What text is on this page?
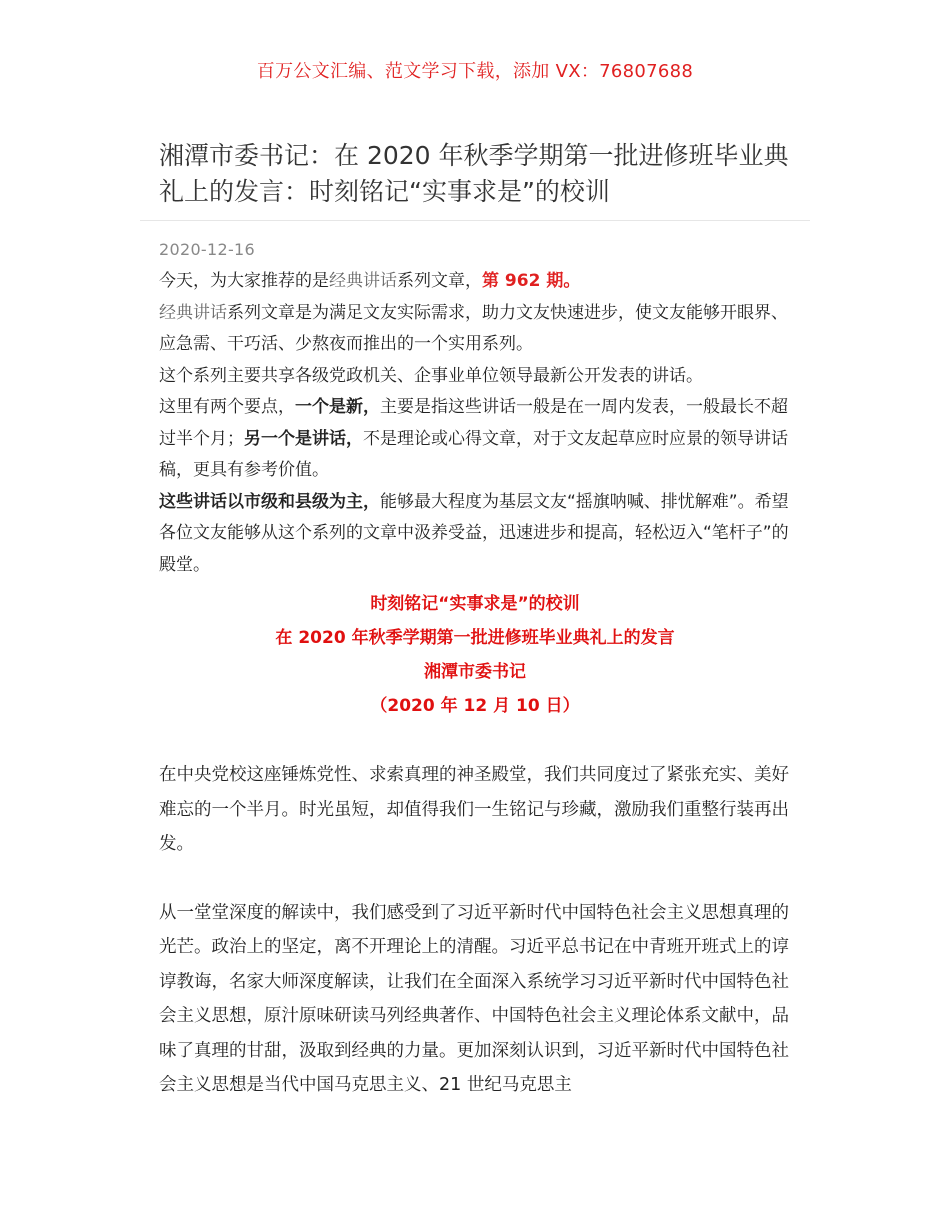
百万公文汇编、范文学习下载，添加 VX：76807688
湘潭市委书记：在 2020 年秋季学期第一批进修班毕业典礼上的发言：时刻铭记“实事求是”的校训
2020-12-16

今天，为大家推荐的是经典讲话系列文章，第 962 期。

经典讲话系列文章是为满足文友实际需求，助力文友快速进步，使文友能够开眼界、应急需、干巧活、少熬夜而推出的一个实用系列。

这个系列主要共享各级党政机关、企事业单位领导最新公开发表的讲话。

这里有两个要点，一个是新，主要是指这些讲话一般是在一周内发表，一般最长不超过半个月；另一个是讲话，不是理论或心得文章，对于文友起草应时应景的领导讲话稿，更具有参考价值。

这些讲话以市级和县级为主，能够最大程度为基层文友“摇旗呐喊、排忧解难”。希望各位文友能够从这个系列的文章中汲养受益，迅速进步和提高，轻松迈入“笔杆子”的殿堂。

时刻铭记“实事求是”的校训
在 2020 年秋季学期第一批进修班毕业典礼上的发言
湘潭市委书记
（2020 年 12 月 10 日）

在中央党校这座锤炼党性、求索真理的神圣殿堂，我们共同度过了紧张充实、美好难忘的一个半月。时光虽短，却值得我们一生铭记与珍藏，激励我们重整行装再出发。

从一堂堂深度的解读中，我们感受到了习近平新时代中国特色社会主义思想真理的光芒。政治上的坚定，离不开理论上的清醒。习近平总书记在中青班开班式上的谆谆教诲，名家大师深度解读，让我们在全面深入系统学习习近平新时代中国特色社会主义思想，原汁原味研读马列经典著作、中国特色社会主义理论体系文献中，品味了真理的甘甜，汲取到经典的力量。更加深刻认识到，习近平新时代中国特色社会主义思想是当代中国马克思主义、21 世纪马克思主
